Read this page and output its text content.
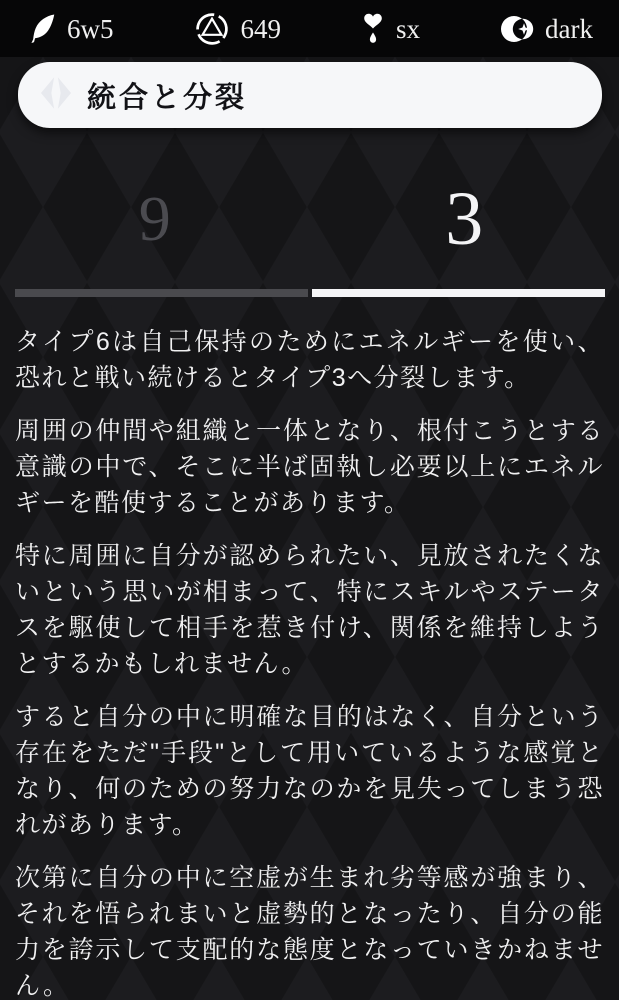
6w5	649	sx	dark
統合と分裂
9	3

タイプ6は自己保持のためにエネルギーを使い、恐れと戦い続けるとタイプ3へ分裂します。

周囲の仲間や組織と一体となり、根付こうとする意識の中で、そこに半ば固執し必要以上にエネルギーを酷使することがあります。

特に周囲に自分が認められたい、見放されたくないという思いが相まって、特にスキルやステータスを駆使して相手を惹き付け、関係を維持しようとするかもしれません。

すると自分の中に明確な目的はなく、自分という存在をただ"手段"として用いているような感覚となり、何のための努力なのかを見失ってしまう恐れがあります。

次第に自分の中に空虚が生まれ劣等感が強まり、それを悟られまいと虚勢的となったり、自分の能力を誇示して支配的な態度となっていきかねません。
